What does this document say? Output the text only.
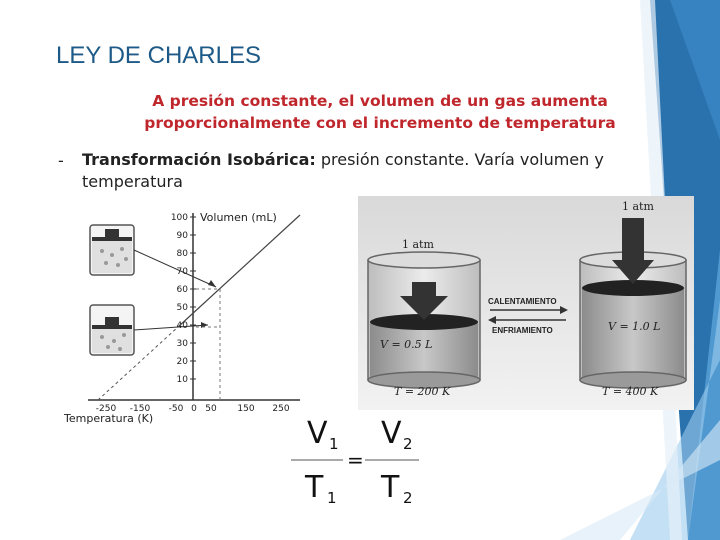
LEY DE CHARLES
A presión constante, el volumen de un gas aumenta
proporcionalmente con el incremento de temperatura
- Transformación Isobárica: presión constante. Varía volumen y
temperatura
100
90
80
70
60
50
40
30
20
10
-250 -150 -50 0 50 150 250
Volumen (mL)
Temperatura (K)
1 atm
V = 0.5 L
T = 200 K
CALENTAMIENTO
ENFRIAMIENTO
1 atm
V = 1.0 L
T = 400 K
V 1
T 1
=
V 2
T 2
